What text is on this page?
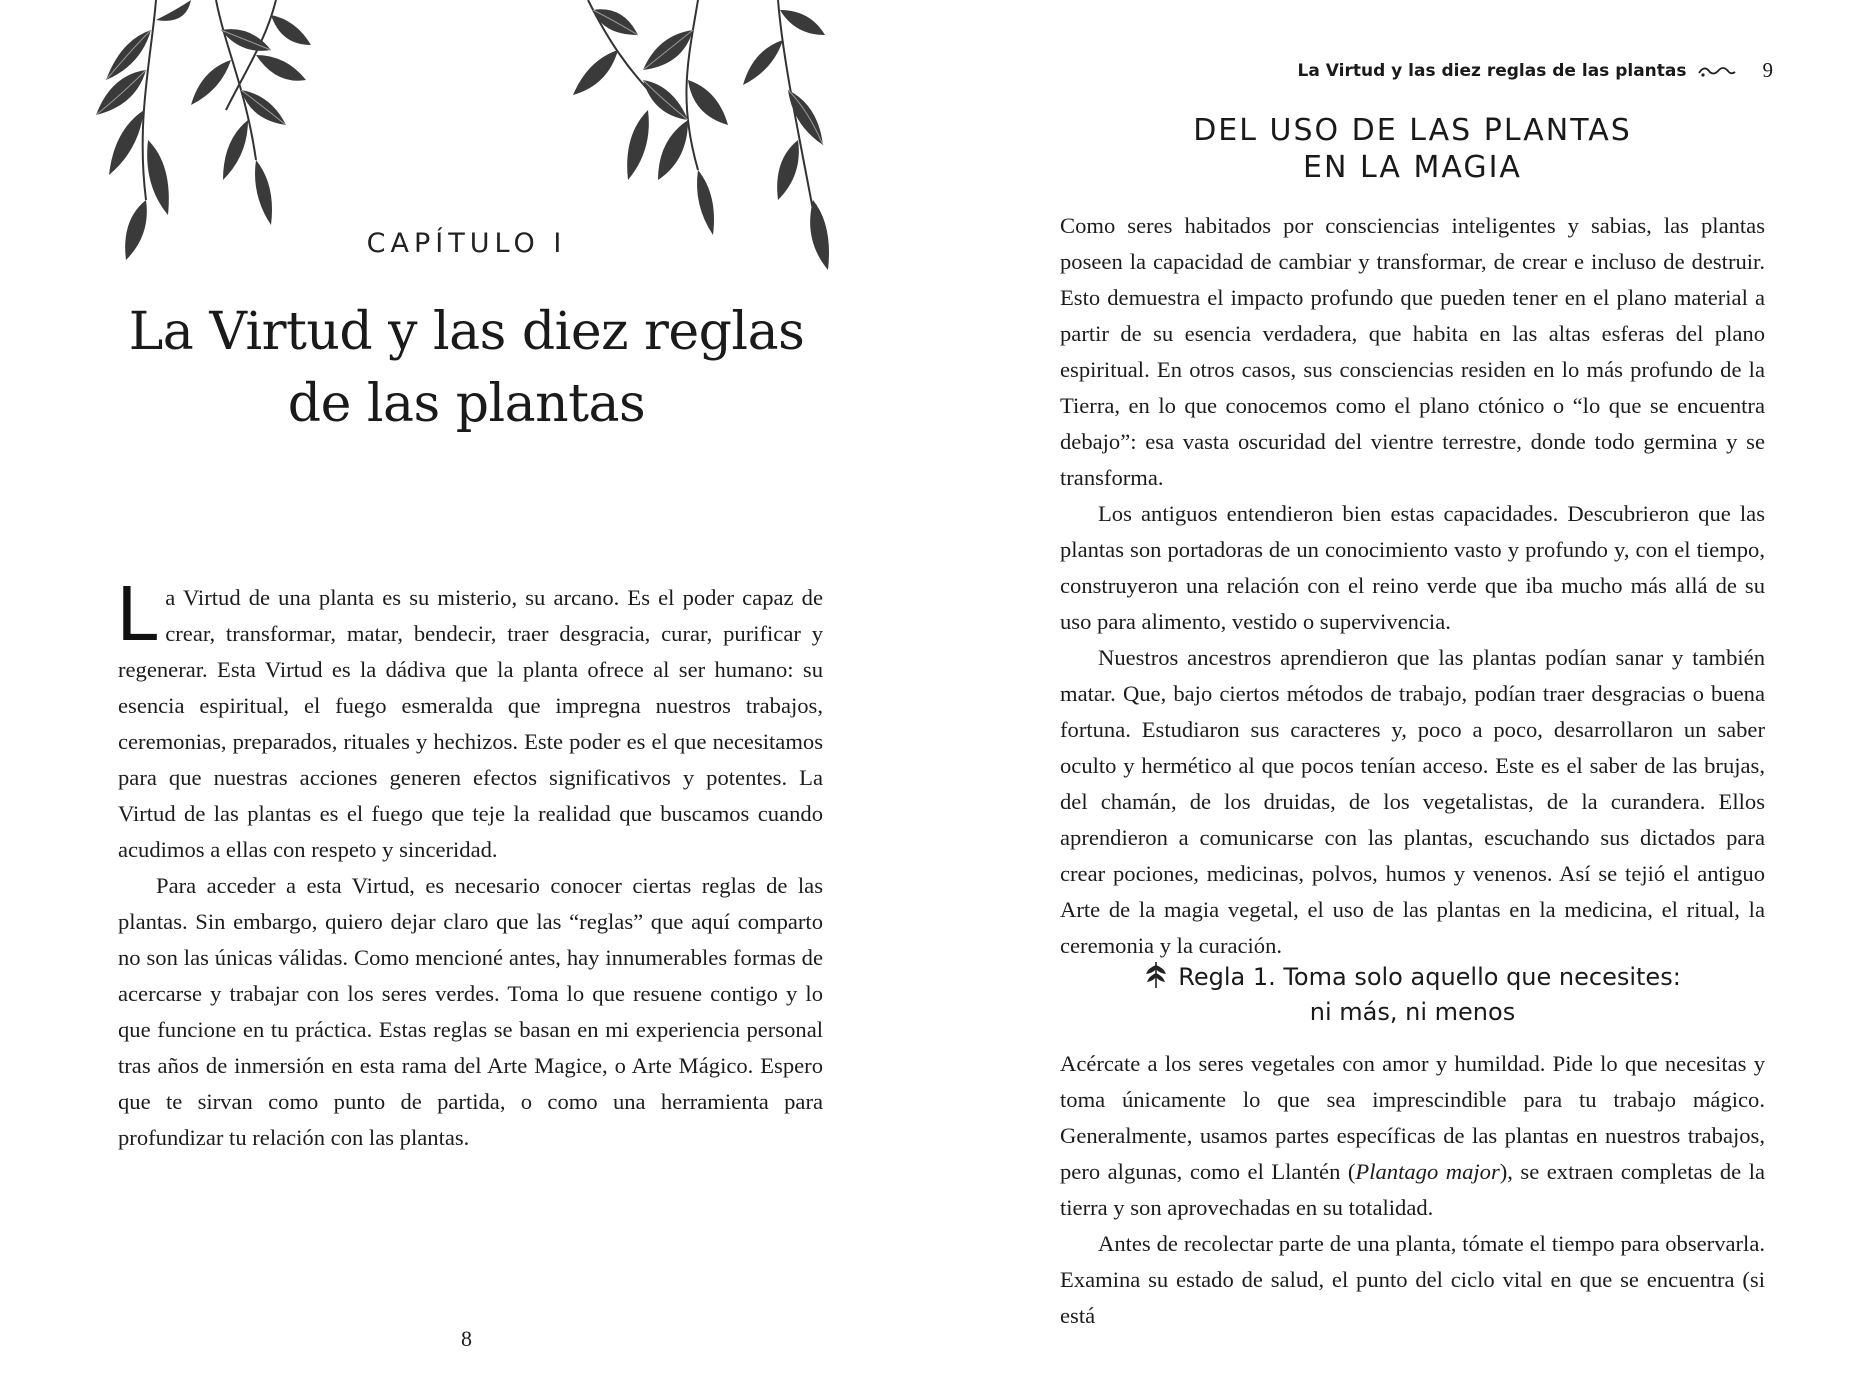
CAPÍTULO I
La Virtud y las diez reglas
de las plantas

La Virtud de una planta es su misterio, su arcano. Es el poder capaz de crear, transformar, matar, bendecir, traer desgracia, curar, purificar y regenerar. Esta Virtud es la dádiva que la planta ofrece al ser humano: su esencia espiritual, el fuego esmeralda que impregna nuestros trabajos, ceremonias, preparados, rituales y hechizos. Este poder es el que necesitamos para que nuestras acciones generen efectos significativos y potentes. La Virtud de las plantas es el fuego que teje la realidad que buscamos cuando acudimos a ellas con respeto y sinceridad.

Para acceder a esta Virtud, es necesario conocer ciertas reglas de las plantas. Sin embargo, quiero dejar claro que las “reglas” que aquí comparto no son las únicas válidas. Como mencioné antes, hay innumerables formas de acercarse y trabajar con los seres verdes. Toma lo que resuene contigo y lo que funcione en tu práctica. Estas reglas se basan en mi experiencia personal tras años de inmersión en esta rama del Arte Magice, o Arte Mágico. Espero que te sirvan como punto de partida, o como una herramienta para profundizar tu relación con las plantas.

8
La Virtud y las diez reglas de las plantas	9
DEL USO DE LAS PLANTAS
EN LA MAGIA

Como seres habitados por consciencias inteligentes y sabias, las plantas poseen la capacidad de cambiar y transformar, de crear e incluso de destruir. Esto demuestra el impacto profundo que pueden tener en el plano material a partir de su esencia verdadera, que habita en las altas esferas del plano espiritual. En otros casos, sus consciencias residen en lo más profundo de la Tierra, en lo que conocemos como el plano ctónico o “lo que se encuentra debajo”: esa vasta oscuridad del vientre terrestre, donde todo germina y se transforma.

Los antiguos entendieron bien estas capacidades. Descubrieron que las plantas son portadoras de un conocimiento vasto y profundo y, con el tiempo, construyeron una relación con el reino verde que iba mucho más allá de su uso para alimento, vestido o supervivencia.

Nuestros ancestros aprendieron que las plantas podían sanar y también matar. Que, bajo ciertos métodos de trabajo, podían traer desgracias o buena fortuna. Estudiaron sus caracteres y, poco a poco, desarrollaron un saber oculto y hermético al que pocos tenían acceso. Este es el saber de las brujas, del chamán, de los druidas, de los vegetalistas, de la curandera. Ellos aprendieron a comunicarse con las plantas, escuchando sus dictados para crear pociones, medicinas, polvos, humos y venenos. Así se tejió el antiguo Arte de la magia vegetal, el uso de las plantas en la medicina, el ritual, la ceremonia y la curación.

Regla 1. Toma solo aquello que necesites:
ni más, ni menos

Acércate a los seres vegetales con amor y humildad. Pide lo que necesitas y toma únicamente lo que sea imprescindible para tu trabajo mágico. Generalmente, usamos partes específicas de las plantas en nuestros trabajos, pero algunas, como el Llantén (Plantago major), se extraen completas de la tierra y son aprovechadas en su totalidad.

Antes de recolectar parte de una planta, tómate el tiempo para observarla. Examina su estado de salud, el punto del ciclo vital en que se encuentra (si está
